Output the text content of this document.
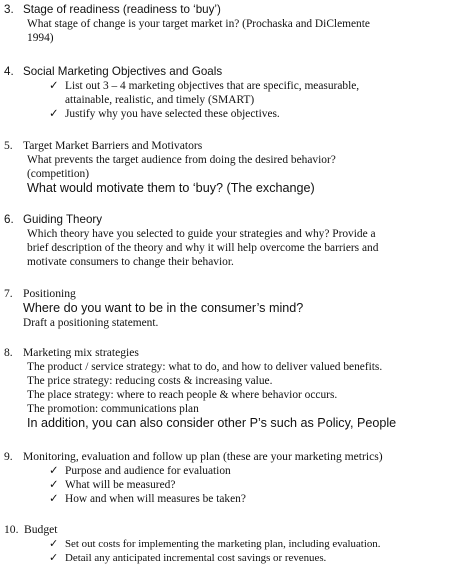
3. Stage of readiness (readiness to ‘buy’)
What stage of change is your target market in? (Prochaska and DiClemente
1994)
4. Social Marketing Objectives and Goals
✓ List out 3 – 4 marketing objectives that are specific, measurable,
attainable, realistic, and timely (SMART)
✓ Justify why you have selected these objectives.
5. Target Market Barriers and Motivators
What prevents the target audience from doing the desired behavior?
(competition)
What would motivate them to ‘buy? (The exchange)
6. Guiding Theory
Which theory have you selected to guide your strategies and why? Provide a
brief description of the theory and why it will help overcome the barriers and
motivate consumers to change their behavior.
7. Positioning
Where do you want to be in the consumer’s mind?
Draft a positioning statement.
8. Marketing mix strategies
The product / service strategy: what to do, and how to deliver valued benefits.
The price strategy: reducing costs & increasing value.
The place strategy: where to reach people & where behavior occurs.
The promotion: communications plan
In addition, you can also consider other P’s such as Policy, People
9. Monitoring, evaluation and follow up plan (these are your marketing metrics)
✓ Purpose and audience for evaluation
✓ What will be measured?
✓ How and when will measures be taken?
10. Budget
✓ Set out costs for implementing the marketing plan, including evaluation.
✓ Detail any anticipated incremental cost savings or revenues.
